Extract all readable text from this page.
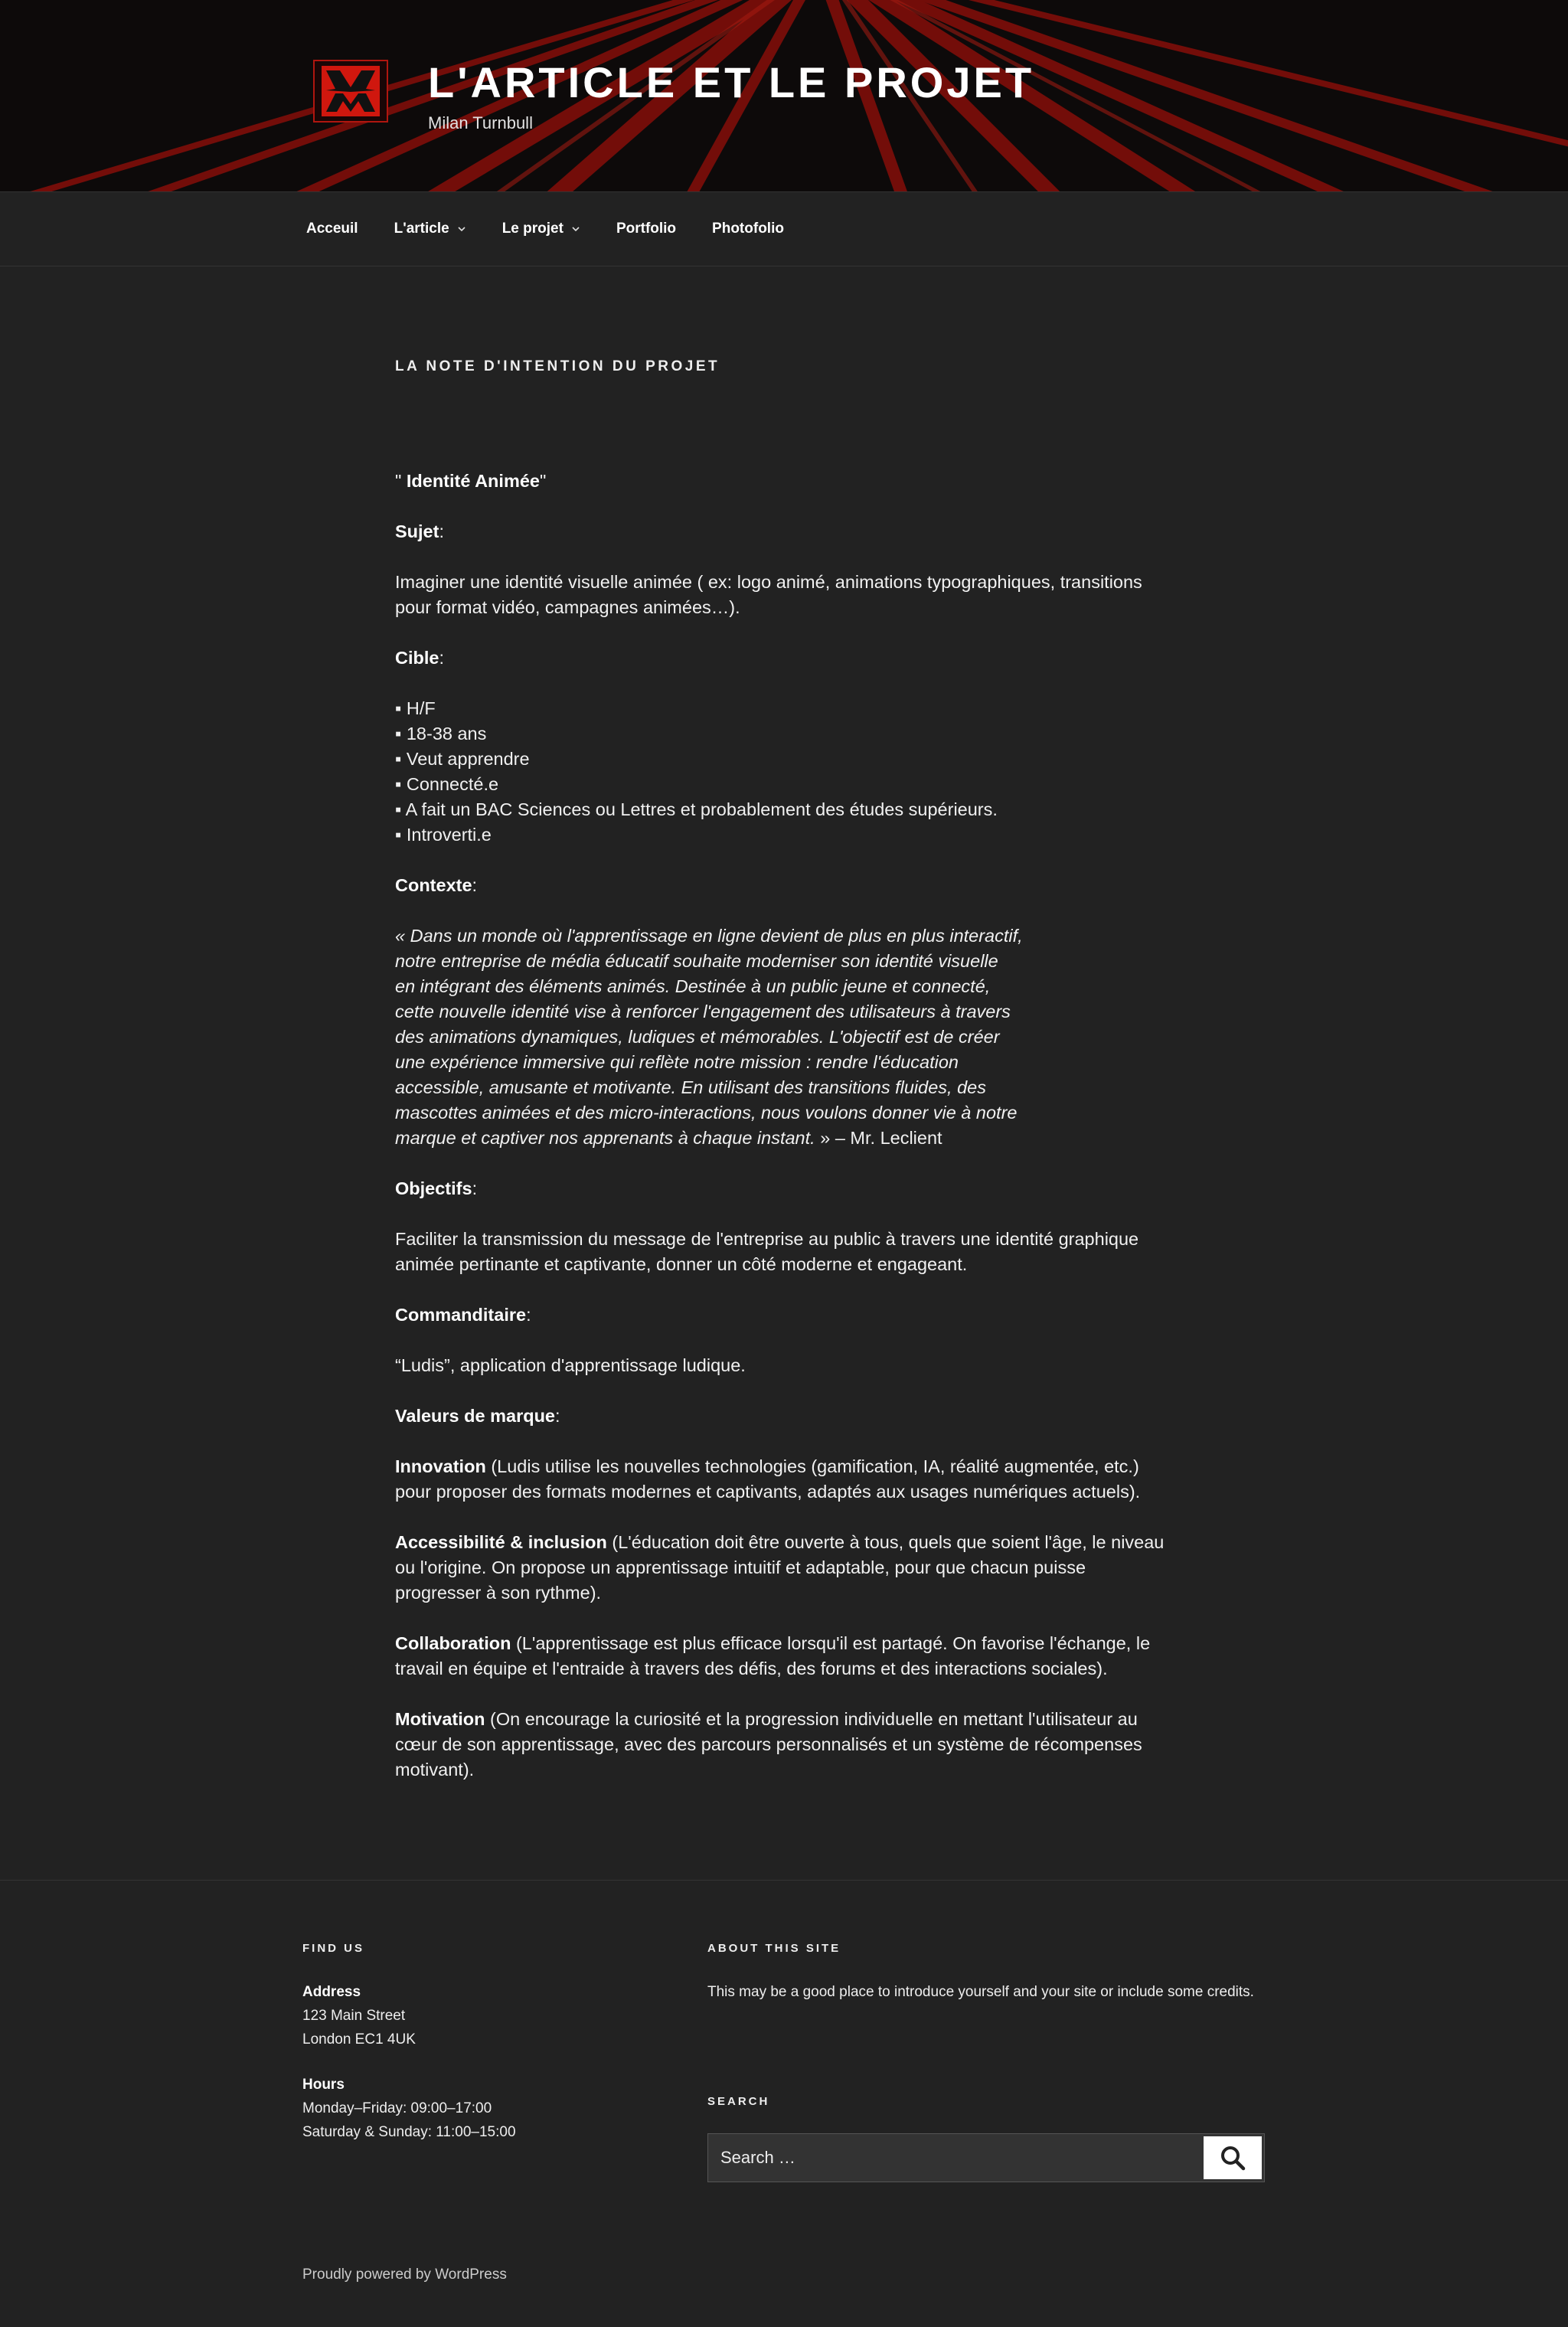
L'ARTICLE ET LE PROJET
Milan Turnbull
Acceuil L'article	Le projet	Portfolio Photofolio
LA NOTE D'INTENTION DU PROJET

" Identité Animée"

Sujet:

Imaginer une identité visuelle animée ( ex: logo animé, animations typographiques, transitions pour format vidéo, campagnes animées…).

Cible:

▪ H/F
▪ 18-38 ans
▪ Veut apprendre
▪ Connecté.e
▪ A fait un BAC Sciences ou Lettres et probablement des études supérieurs.
▪ Introverti.e

Contexte:

« Dans un monde où l'apprentissage en ligne devient de plus en plus interactif, notre entreprise de média éducatif souhaite moderniser son identité visuelle en intégrant des éléments animés. Destinée à un public jeune et connecté, cette nouvelle identité vise à renforcer l'engagement des utilisateurs à travers des animations dynamiques, ludiques et mémorables. L'objectif est de créer une expérience immersive qui reflète notre mission : rendre l'éducation accessible, amusante et motivante. En utilisant des transitions fluides, des mascottes animées et des micro-interactions, nous voulons donner vie à notre marque et captiver nos apprenants à chaque instant. » – Mr. Leclient

Objectifs:

Faciliter la transmission du message de l'entreprise au public à travers une identité graphique animée pertinante et captivante, donner un côté moderne et engageant.

Commanditaire:

“Ludis”, application d'apprentissage ludique.

Valeurs de marque:

Innovation (Ludis utilise les nouvelles technologies (gamification, IA, réalité augmentée, etc.) pour proposer des formats modernes et captivants, adaptés aux usages numériques actuels).

Accessibilité & inclusion (L'éducation doit être ouverte à tous, quels que soient l'âge, le niveau ou l'origine. On propose un apprentissage intuitif et adaptable, pour que chacun puisse progresser à son rythme).

Collaboration (L'apprentissage est plus efficace lorsqu'il est partagé. On favorise l'échange, le travail en équipe et l'entraide à travers des défis, des forums et des interactions sociales).

Motivation (On encourage la curiosité et la progression individuelle en mettant l'utilisateur au cœur de son apprentissage, avec des parcours personnalisés et un système de récompenses motivant).

FIND US
Address
123 Main Street
London EC1 4UK
Hours
Monday–Friday: 09:00–17:00
Saturday & Sunday: 11:00–15:00
ABOUT THIS SITE
This may be a good place to introduce yourself and your site or include some credits.
SEARCH
Search …
Proudly powered by WordPress
